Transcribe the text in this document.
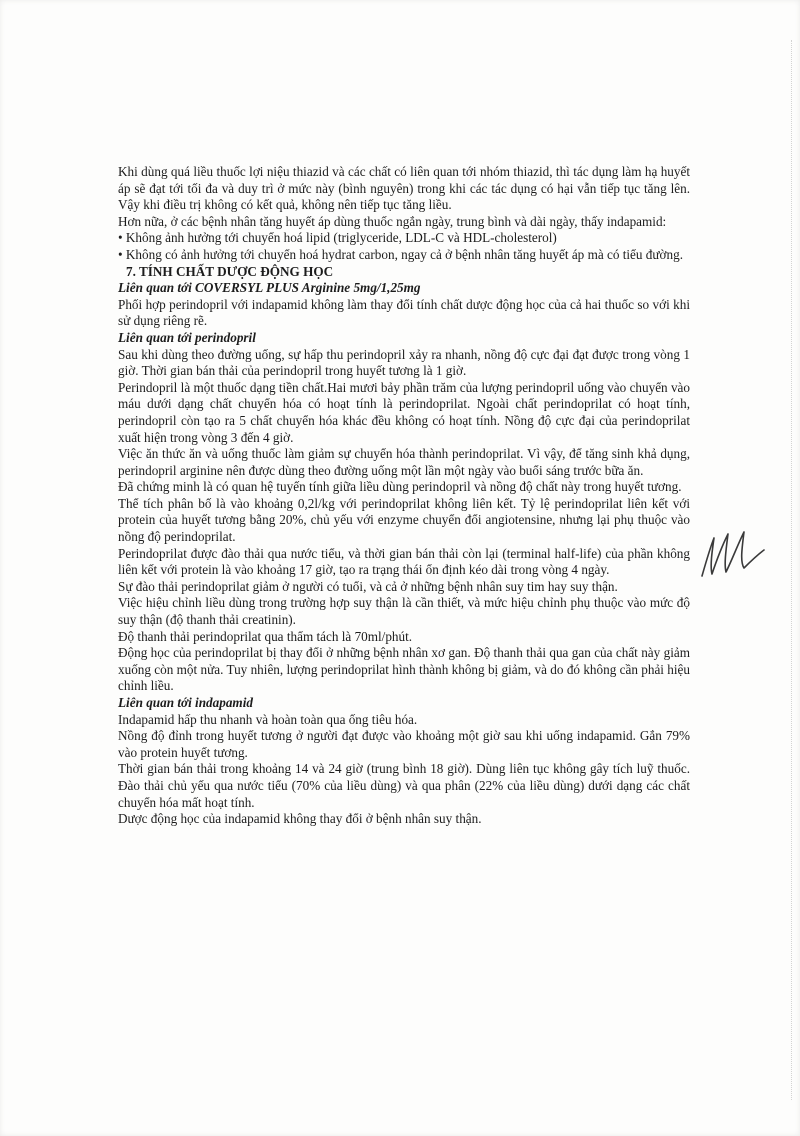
Khi dùng quá liều thuốc lợi niệu thiazid và các chất có liên quan tới nhóm thiazid, thì tác dụng làm hạ huyết áp sẽ đạt tới tối đa và duy trì ở mức này (bình nguyên) trong khi các tác dụng có hại vẫn tiếp tục tăng lên. Vậy khi điều trị không có kết quả, không nên tiếp tục tăng liều.

Hơn nữa, ở các bệnh nhân tăng huyết áp dùng thuốc ngắn ngày, trung bình và dài ngày, thấy indapamid:

• Không ảnh hưởng tới chuyển hoá lipid (triglyceride, LDL-C và HDL-cholesterol)

• Không có ảnh hưởng tới chuyển hoá hydrat carbon, ngay cả ở bệnh nhân tăng huyết áp mà có tiểu đường.

7. TÍNH CHẤT DƯỢC ĐỘNG HỌC

Liên quan tới COVERSYL PLUS Arginine 5mg/1,25mg

Phối hợp perindopril với indapamid không làm thay đổi tính chất dược động học của cả hai thuốc so với khi sử dụng riêng rẽ.

Liên quan tới perindopril

Sau khi dùng theo đường uống, sự hấp thu perindopril xảy ra nhanh, nồng độ cực đại đạt được trong vòng 1 giờ. Thời gian bán thải của perindopril trong huyết tương là 1 giờ.

Perindopril là một thuốc dạng tiền chất.Hai mươi bảy phần trăm của lượng perindopril uống vào chuyển vào máu dưới dạng chất chuyển hóa có hoạt tính là perindoprilat. Ngoài chất perindoprilat có hoạt tính, perindopril còn tạo ra 5 chất chuyển hóa khác đều không có hoạt tính. Nồng độ cực đại của perindoprilat xuất hiện trong vòng 3 đến 4 giờ.

Việc ăn thức ăn và uống thuốc làm giảm sự chuyển hóa thành perindoprilat. Vì vậy, để tăng sinh khả dụng, perindopril arginine nên được dùng theo đường uống một lần một ngày vào buổi sáng trước bữa ăn.

Đã chứng minh là có quan hệ tuyến tính giữa liều dùng perindopril và nồng độ chất này trong huyết tương.

Thể tích phân bố là vào khoảng 0,2l/kg với perindoprilat không liên kết. Tỷ lệ perindoprilat liên kết với protein của huyết tương bằng 20%, chủ yếu với enzyme chuyển đổi angiotensine, nhưng lại phụ thuộc vào nồng độ perindoprilat.

Perindoprilat được đào thải qua nước tiểu, và thời gian bán thải còn lại (terminal half-life) của phần không liên kết với protein là vào khoảng 17 giờ, tạo ra trạng thái ổn định kéo dài trong vòng 4 ngày.

Sự đào thải perindoprilat giảm ở người có tuổi, và cả ở những bệnh nhân suy tim hay suy thận.

Việc hiệu chỉnh liều dùng trong trường hợp suy thận là cần thiết, và mức hiệu chỉnh phụ thuộc vào mức độ suy thận (độ thanh thải creatinin).

Độ thanh thải perindoprilat qua thẩm tách là 70ml/phút.

Động học của perindoprilat bị thay đổi ở những bệnh nhân xơ gan. Độ thanh thải qua gan của chất này giảm xuống còn một nửa. Tuy nhiên, lượng perindoprilat hình thành không bị giảm, và do đó không cần phải hiệu chỉnh liều.

Liên quan tới indapamid

Indapamid hấp thu nhanh và hoàn toàn qua ống tiêu hóa.

Nồng độ đỉnh trong huyết tương ở người đạt được vào khoảng một giờ sau khi uống indapamid. Gắn 79% vào protein huyết tương.

Thời gian bán thải trong khoảng 14 và 24 giờ (trung bình 18 giờ). Dùng liên tục không gây tích luỹ thuốc. Đào thải chủ yếu qua nước tiểu (70% của liều dùng) và qua phân (22% của liều dùng) dưới dạng các chất chuyển hóa mất hoạt tính.

Dược động học của indapamid không thay đổi ở bệnh nhân suy thận.
